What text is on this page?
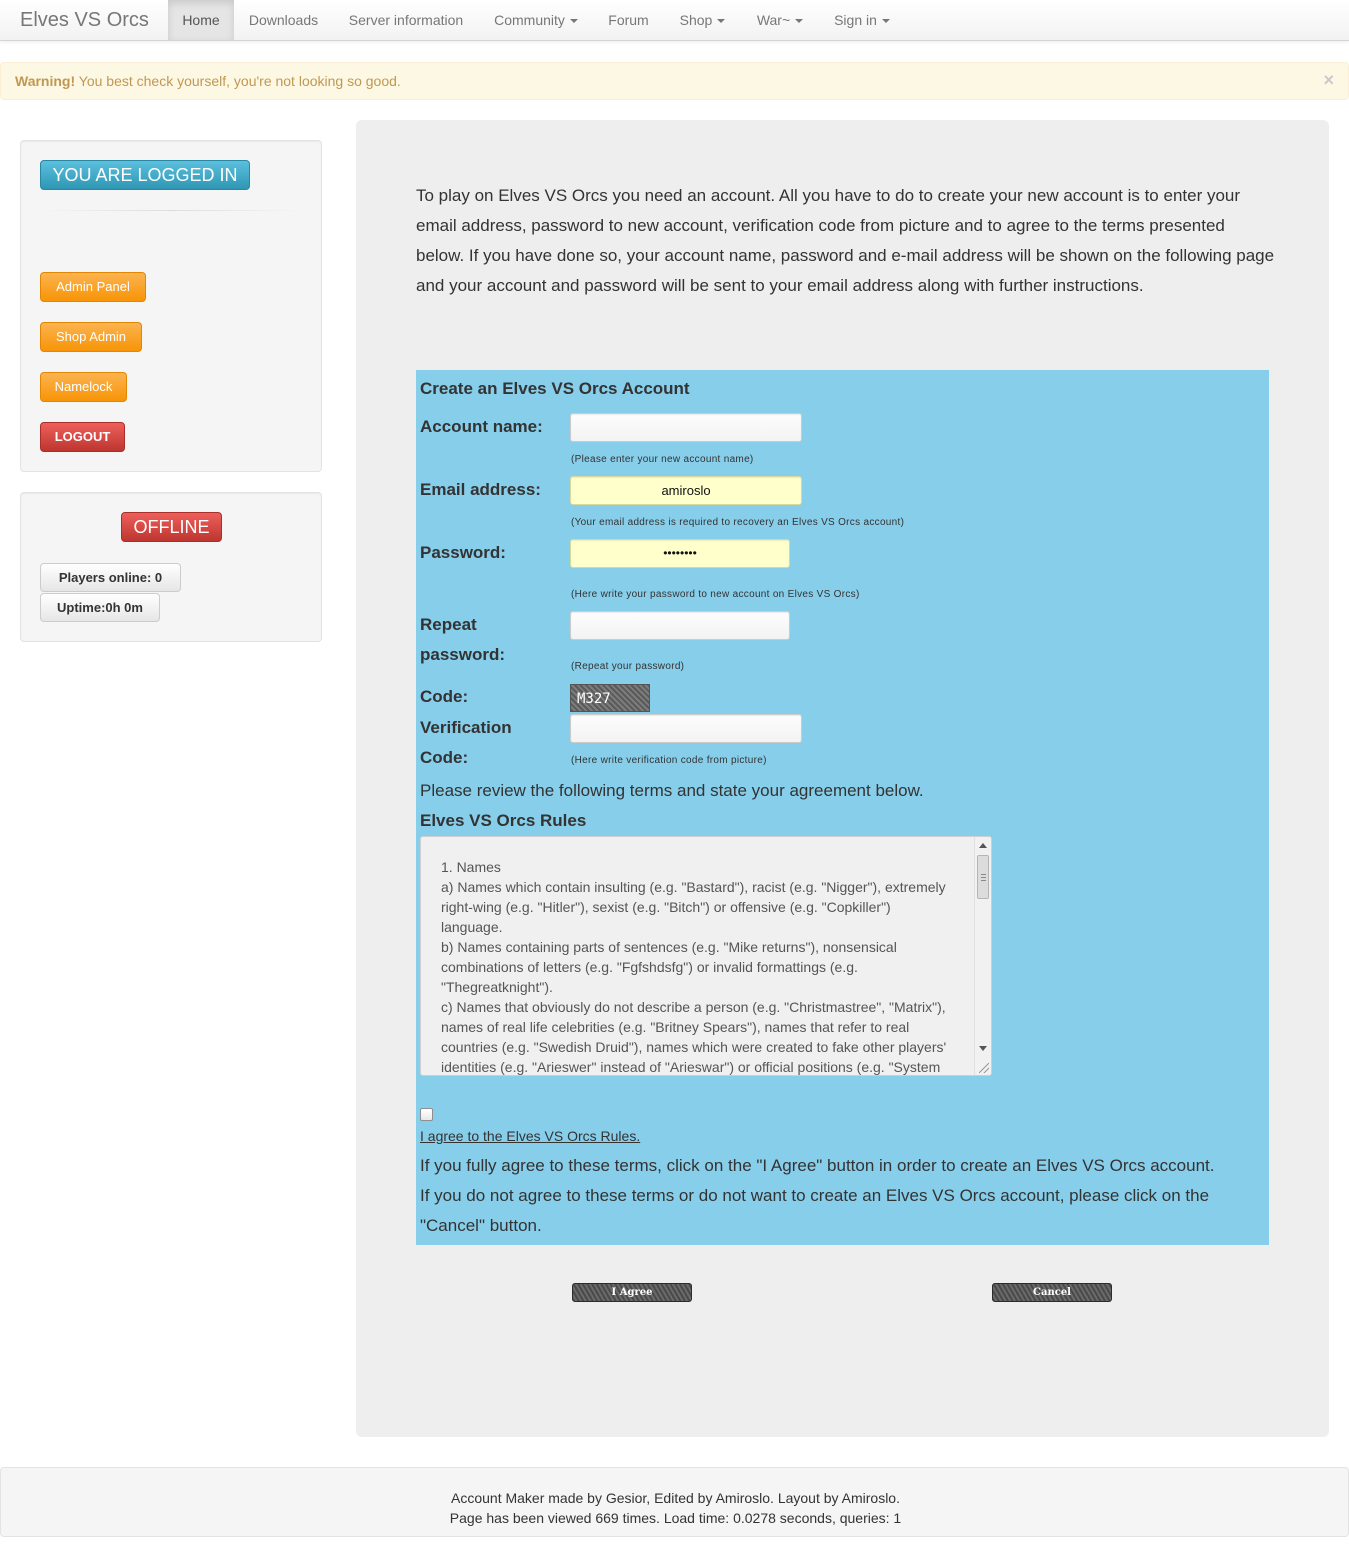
Elves VS Orcs	Home	Downloads	Server information	Community	Forum	Shop	War~	Sign in
Warning! You best check yourself, you're not looking so good.	×
YOU ARE LOGGED IN
Admin Panel
Shop Admin
Namelock
LOGOUT
OFFLINE
Players online: 0
Uptime:0h 0m
To play on Elves VS Orcs you need an account. All you have to do to create your new account is to enter your email address, password to new account, verification code from picture and to agree to the terms presented below. If you have done so, your account name, password and e-mail address will be shown on the following page and your account and password will be sent to your email address along with further instructions.
Create an Elves VS Orcs Account
Account name:
(Please enter your new account name)
Email address:	amiroslo
(Your email address is required to recovery an Elves VS Orcs account)
Password:	••••••••
(Here write your password to new account on Elves VS Orcs)
Repeat
password:
(Repeat your password)
Code:	M327
Verification
Code:	(Here write verification code from picture)
Please review the following terms and state your agreement below.
Elves VS Orcs Rules
1. Names
a) Names which contain insulting (e.g. "Bastard"), racist (e.g. "Nigger"), extremely
right-wing (e.g. "Hitler"), sexist (e.g. "Bitch") or offensive (e.g. "Copkiller")
language.
b) Names containing parts of sentences (e.g. "Mike returns"), nonsensical
combinations of letters (e.g. "Fgfshdsfg") or invalid formattings (e.g.
"Thegreatknight").
c) Names that obviously do not describe a person (e.g. "Christmastree", "Matrix"),
names of real life celebrities (e.g. "Britney Spears"), names that refer to real
countries (e.g. "Swedish Druid"), names which were created to fake other players'
identities (e.g. "Arieswer" instead of "Arieswar") or official positions (e.g. "System
I agree to the Elves VS Orcs Rules.
If you fully agree to these terms, click on the "I Agree" button in order to create an Elves VS Orcs account.
If you do not agree to these terms or do not want to create an Elves VS Orcs account, please click on the
"Cancel" button.
I Agree	Cancel
Account Maker made by Gesior, Edited by Amiroslo. Layout by Amiroslo.
Page has been viewed 669 times. Load time: 0.0278 seconds, queries: 1
